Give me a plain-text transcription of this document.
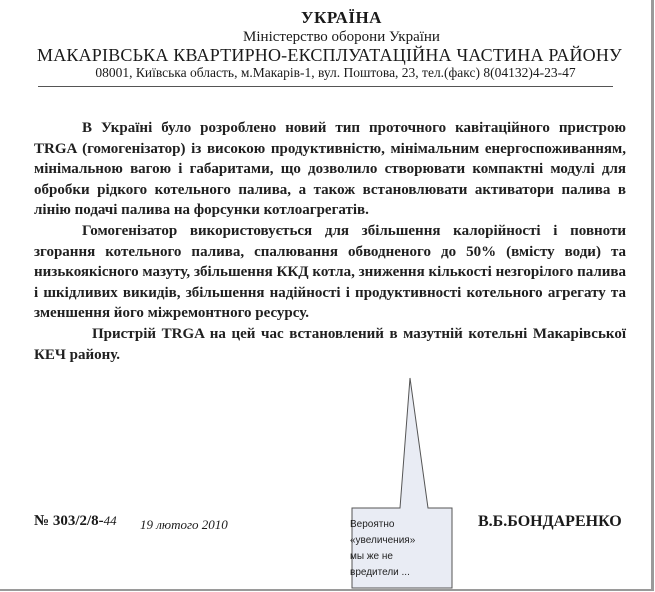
УКРАЇНА
Міністерство оборони України
МАКАРІВСЬКА КВАРТИРНО-ЕКСПЛУАТАЦІЙНА ЧАСТИНА РАЙОНУ
08001, Київська область, м.Макарів-1, вул. Поштова, 23, тел.(факс) 8(04132)4-23-47

В Україні було розроблено новий тип проточного кавітаційного пристрою TRGA (гомогенізатор) із високою продуктивністю, мінімальним енергоспоживанням, мінімальною вагою і габаритами, що дозволило створювати компактні модулі для обробки рідкого котельного палива, а також встановлювати активатори палива в лінію подачі палива на форсунки котлоагрегатів.

Гомогенізатор використовується для збільшення калорійності і повноти згорання котельного палива, спалювання обводненого до 50% (вмісту води) та низькоякісного мазуту, збільшення ККД котла, зниження кількості незгорілого палива і шкідливих викидів, збільшення надійності і продуктивності котельного агрегату та зменшення його міжремонтного ресурсу.

Пристрій TRGA на цей час встановлений в мазутній котельні Макарівської КЕЧ району.

№ 303/2/8-44 19 лютого 2010	В.Б.БОНДАРЕНКО
Вероятно
«увеличения»
мы же не
вредители ...
